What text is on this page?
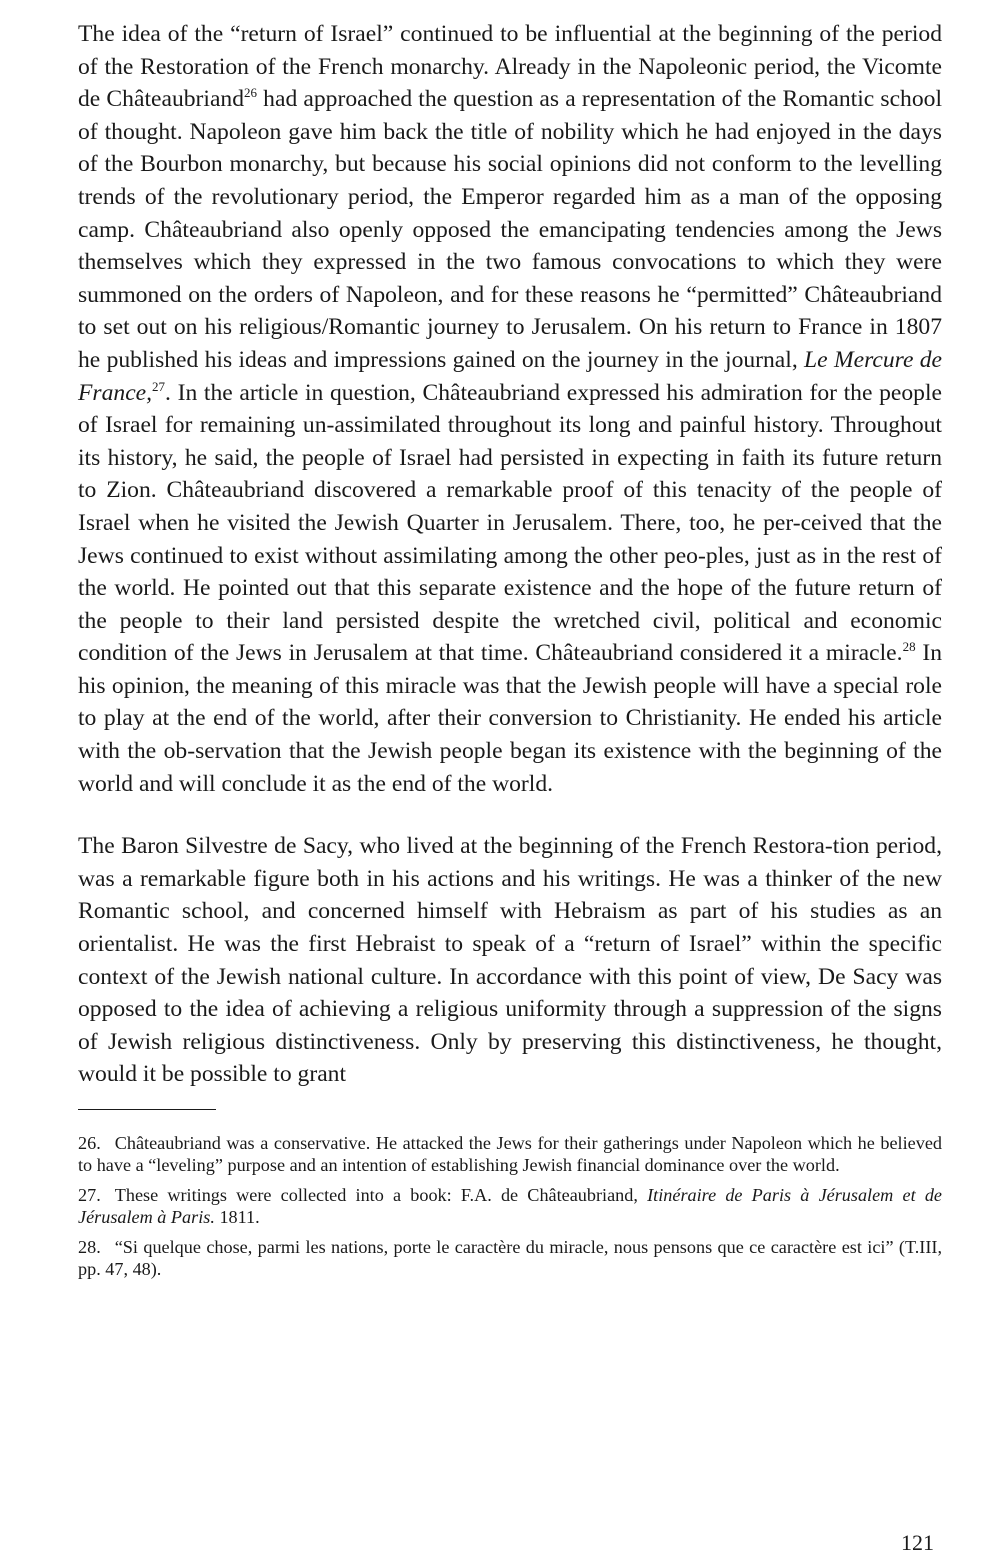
The idea of the “return of Israel” continued to be influential at the beginning of the period of the Restoration of the French monarchy. Already in the Napoleonic period, the Vicomte de Châteaubriand$^{26}$ had approached the question as a representation of the Romantic school of thought. Napoleon gave him back the title of nobility which he had enjoyed in the days of the Bourbon monarchy, but because his social opinions did not conform to the levelling trends of the revolutionary period, the Emperor regarded him as a man of the opposing camp. Châteaubriand also openly opposed the emancipating tendencies among the Jews themselves which they expressed in the two famous convocations to which they were summoned on the orders of Napoleon, and for these reasons he “permitted” Châteaubriand to set out on his religious/Romantic journey to Jerusalem. On his return to France in 1807 he published his ideas and impressions gained on the journey in the journal, Le Mercure de France,$^{27}$. In the article in question, Châteaubriand expressed his admiration for the people of Israel for remaining un-assimilated throughout its long and painful history. Throughout its history, he said, the people of Israel had persisted in expecting in faith its future return to Zion. Châteaubriand discovered a remarkable proof of this tenacity of the people of Israel when he visited the Jewish Quarter in Jerusalem. There, too, he per-ceived that the Jews continued to exist without assimilating among the other peo-ples, just as in the rest of the world. He pointed out that this separate existence and the hope of the future return of the people to their land persisted despite the wretched civil, political and economic condition of the Jews in Jerusalem at that time. Châteaubriand considered it a miracle.$^{28}$ In his opinion, the meaning of this miracle was that the Jewish people will have a special role to play at the end of the world, after their conversion to Christianity. He ended his article with the ob-servation that the Jewish people began its existence with the beginning of the world and will conclude it as the end of the world.

The Baron Silvestre de Sacy, who lived at the beginning of the French Restora-tion period, was a remarkable figure both in his actions and his writings. He was a thinker of the new Romantic school, and concerned himself with Hebraism as part of his studies as an orientalist. He was the first Hebraist to speak of a “return of Israel” within the specific context of the Jewish national culture. In accordance with this point of view, De Sacy was opposed to the idea of achieving a religious uniformity through a suppression of the signs of Jewish religious distinctiveness. Only by preserving this distinctiveness, he thought, would it be possible to grant

26. Châteaubriand was a conservative. He attacked the Jews for their gatherings under Napoleon which he believed to have a “leveling” purpose and an intention of establishing Jewish financial dominance over the world.

27. These writings were collected into a book: F.A. de Châteaubriand, Itinéraire de Paris à Jérusalem et de Jérusalem à Paris. 1811.

28. “Si quelque chose, parmi les nations, porte le caractère du miracle, nous pensons que ce caractère est ici” (T.III, pp. 47, 48).

121
